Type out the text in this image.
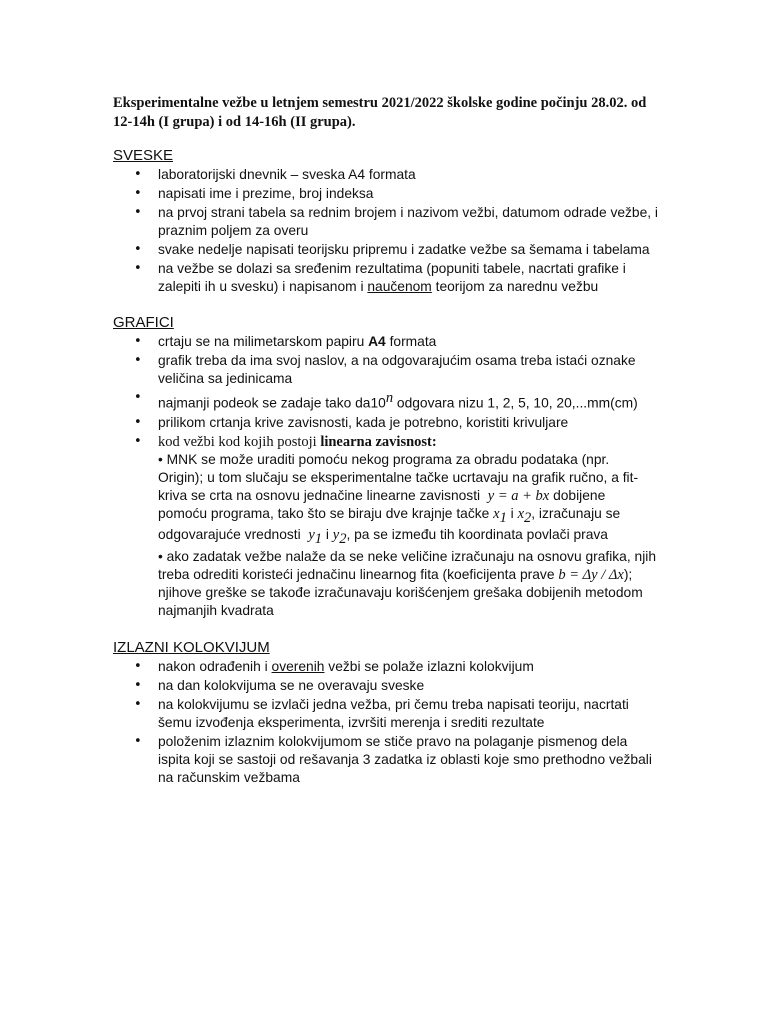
Eksperimentalne vežbe u letnjem semestru 2021/2022 školske godine počinju 28.02. od 12-14h (I grupa) i od 14-16h (II grupa).
SVESKE
• laboratorijski dnevnik – sveska A4 formata
• napisati ime i prezime, broj indeksa
• na prvoj strani tabela sa rednim brojem i nazivom vežbi, datumom odrade vežbe, i praznim poljem za overu
• svake nedelje napisati teorijsku pripremu i zadatke vežbe sa šemama i tabelama
• na vežbe se dolazi sa sređenim rezultatima (popuniti tabele, nacrtati grafike i zalepiti ih u svesku) i napisanom i naučenom teorijom za narednu vežbu
GRAFICI
• crtaju se na milimetarskom papiru A4 formata
• grafik treba da ima svoj naslov, a na odgovarajućim osama treba istaći oznake veličina sa jedinicama
• najmanji podeok se zadaje tako da10$^n$ odgovara nizu 1, 2, 5, 10, 20,...mm(cm)
• prilikom crtanja krive zavisnosti, kada je potrebno, koristiti krivuljare
• kod vežbi kod kojih postoji linearna zavisnost:
• MNK se može uraditi pomoću nekog programa za obradu podataka (npr. Origin); u tom slučaju se eksperimentalne tačke ucrtavaju na grafik ručno, a fit-kriva se crta na osnovu jednačine linearne zavisnosti  y = a + bx dobijene pomoću programa, tako što se biraju dve krajnje tačke $x_1$ i $x_2$, izračunaju se odgovarajuće vrednosti  $y_1$ i $y_2$, pa se između tih koordinata povlači prava
• ako zadatak vežbe nalaže da se neke veličine izračunaju na osnovu grafika, njih treba odrediti koristeći jednačinu linearnog fita (koeficijenta prave b = Δy / Δx); njihove greške se takođe izračunavaju korišćenjem grešaka dobijenih metodom najmanjih kvadrata
IZLAZNI KOLOKVIJUM
• nakon odrađenih i overenih vežbi se polaže izlazni kolokvijum
• na dan kolokvijuma se ne overavaju sveske
• na kolokvijumu se izvlači jedna vežba, pri čemu treba napisati teoriju, nacrtati šemu izvođenja eksperimenta, izvršiti merenja i srediti rezultate
• položenim izlaznim kolokvijumom se stiče pravo na polaganje pismenog dela ispita koji se sastoji od rešavanja 3 zadatka iz oblasti koje smo prethodno vežbali na računskim vežbama
